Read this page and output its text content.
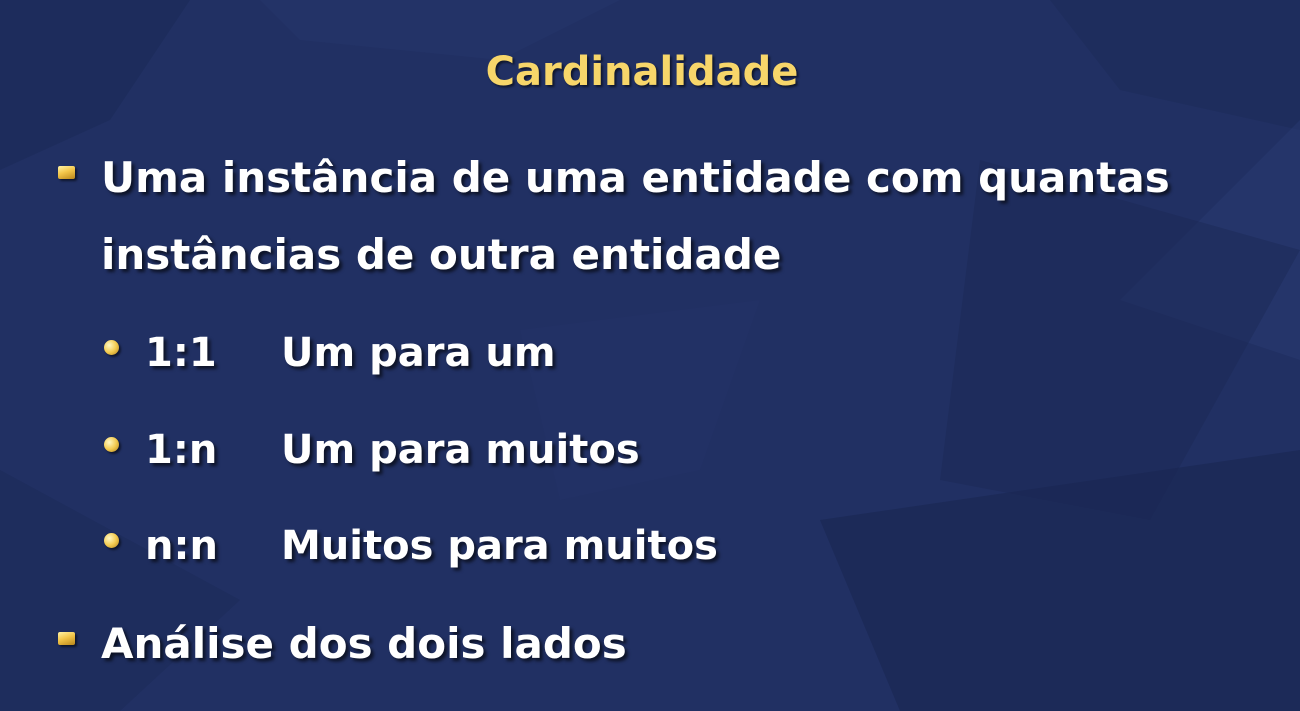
Cardinalidade
Uma instância de uma entidade com quantas
instâncias de outra entidade
1:1 Um para um
1:n Um para muitos
n:n Muitos para muitos
Análise dos dois lados
